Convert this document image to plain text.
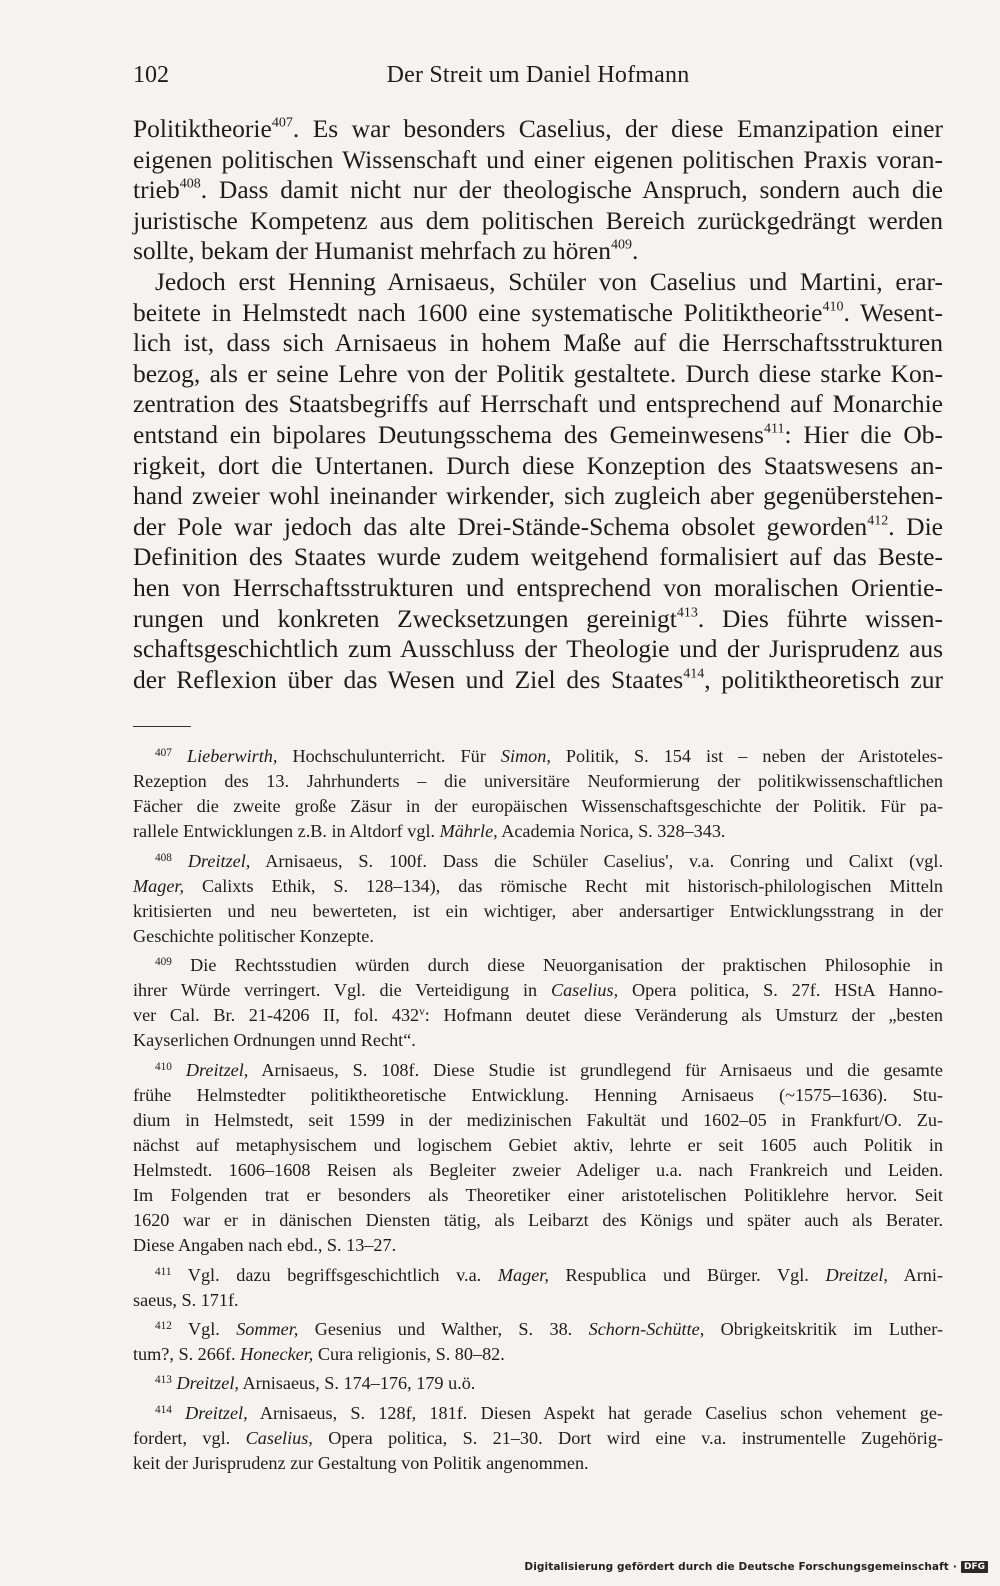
102	Der Streit um Daniel Hofmann
Politiktheorie$^{407}$. Es war besonders Caselius, der diese Emanzipation einer
eigenen politischen Wissenschaft und einer eigenen politischen Praxis voran-
trieb$^{408}$. Dass damit nicht nur der theologische Anspruch, sondern auch die
juristische Kompetenz aus dem politischen Bereich zurückgedrängt werden
sollte, bekam der Humanist mehrfach zu hören$^{409}$.
Jedoch erst Henning Arnisaeus, Schüler von Caselius und Martini, erar-
beitete in Helmstedt nach 1600 eine systematische Politiktheorie$^{410}$. Wesent-
lich ist, dass sich Arnisaeus in hohem Maße auf die Herrschaftsstrukturen
bezog, als er seine Lehre von der Politik gestaltete. Durch diese starke Kon-
zentration des Staatsbegriffs auf Herrschaft und entsprechend auf Monarchie
entstand ein bipolares Deutungsschema des Gemeinwesens$^{411}$: Hier die Ob-
rigkeit, dort die Untertanen. Durch diese Konzeption des Staatswesens an-
hand zweier wohl ineinander wirkender, sich zugleich aber gegenüberstehen-
der Pole war jedoch das alte Drei-Stände-Schema obsolet geworden$^{412}$. Die
Definition des Staates wurde zudem weitgehend formalisiert auf das Beste-
hen von Herrschaftsstrukturen und entsprechend von moralischen Orientie-
rungen und konkreten Zwecksetzungen gereinigt$^{413}$. Dies führte wissen-
schaftsgeschichtlich zum Ausschluss der Theologie und der Jurisprudenz aus
der Reflexion über das Wesen und Ziel des Staates$^{414}$, politiktheoretisch zur
$^{407}$ Lieberwirth, Hochschulunterricht. Für Simon, Politik, S. 154 ist – neben der Aristoteles-
Rezeption des 13. Jahrhunderts – die universitäre Neuformierung der politikwissenschaftlichen
Fächer die zweite große Zäsur in der europäischen Wissenschaftsgeschichte der Politik. Für pa-
rallele Entwicklungen z.B. in Altdorf vgl. Mährle, Academia Norica, S. 328–343.
$^{408}$ Dreitzel, Arnisaeus, S. 100f. Dass die Schüler Caselius', v.a. Conring und Calixt (vgl.
Mager, Calixts Ethik, S. 128–134), das römische Recht mit historisch-philologischen Mitteln
kritisierten und neu bewerteten, ist ein wichtiger, aber andersartiger Entwicklungsstrang in der
Geschichte politischer Konzepte.
$^{409}$ Die Rechtsstudien würden durch diese Neuorganisation der praktischen Philosophie in
ihrer Würde verringert. Vgl. die Verteidigung in Caselius, Opera politica, S. 27f. HStA Hanno-
ver Cal. Br. 21-4206 II, fol. 432$^v$: Hofmann deutet diese Veränderung als Umsturz der „besten
Kayserlichen Ordnungen unnd Recht“.
$^{410}$ Dreitzel, Arnisaeus, S. 108f. Diese Studie ist grundlegend für Arnisaeus und die gesamte
frühe Helmstedter politiktheoretische Entwicklung. Henning Arnisaeus (~1575–1636). Stu-
dium in Helmstedt, seit 1599 in der medizinischen Fakultät und 1602–05 in Frankfurt/O. Zu-
nächst auf metaphysischem und logischem Gebiet aktiv, lehrte er seit 1605 auch Politik in
Helmstedt. 1606–1608 Reisen als Begleiter zweier Adeliger u.a. nach Frankreich und Leiden.
Im Folgenden trat er besonders als Theoretiker einer aristotelischen Politiklehre hervor. Seit
1620 war er in dänischen Diensten tätig, als Leibarzt des Königs und später auch als Berater.
Diese Angaben nach ebd., S. 13–27.
$^{411}$ Vgl. dazu begriffsgeschichtlich v.a. Mager, Respublica und Bürger. Vgl. Dreitzel, Arni-
saeus, S. 171f.
$^{412}$ Vgl. Sommer, Gesenius und Walther, S. 38. Schorn-Schütte, Obrigkeitskritik im Luther-
tum?, S. 266f. Honecker, Cura religionis, S. 80–82.
$^{413}$ Dreitzel, Arnisaeus, S. 174–176, 179 u.ö.
$^{414}$ Dreitzel, Arnisaeus, S. 128f, 181f. Diesen Aspekt hat gerade Caselius schon vehement ge-
fordert, vgl. Caselius, Opera politica, S. 21–30. Dort wird eine v.a. instrumentelle Zugehörig-
keit der Jurisprudenz zur Gestaltung von Politik angenommen.
Digitalisierung gefördert durch die Deutsche Forschungsgemeinschaft · DFG
